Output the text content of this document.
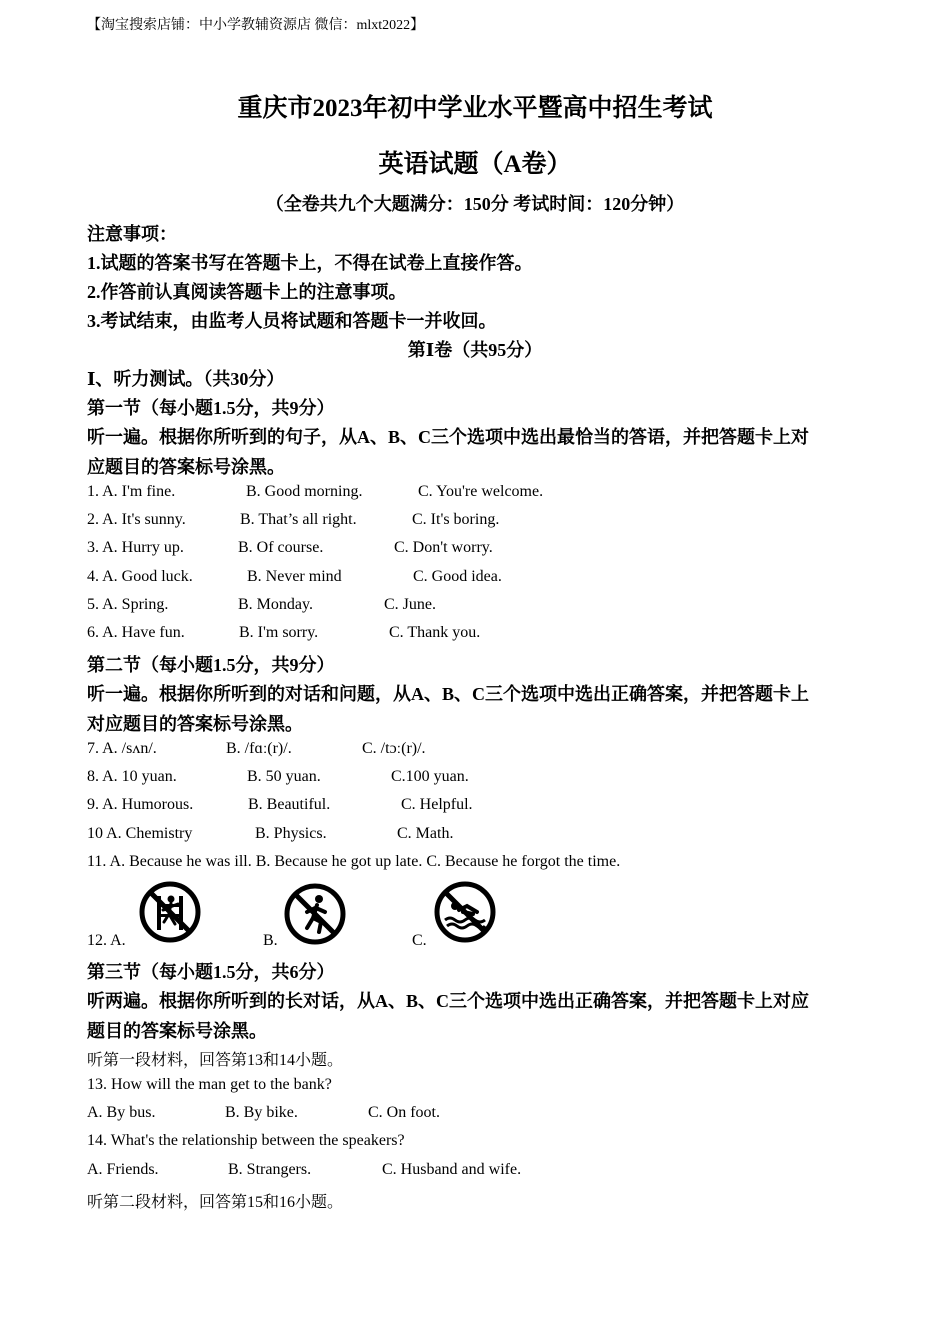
【淘宝搜索店铺：中小学教辅资源店 微信：mlxt2022】
重庆市2023年初中学业水平暨高中招生考试
英语试题（A卷）
（全卷共九个大题满分：150分 考试时间：120分钟）
注意事项：
1.试题的答案书写在答题卡上，不得在试卷上直接作答。
2.作答前认真阅读答题卡上的注意事项。
3.考试结束，由监考人员将试题和答题卡一并收回。
第Ⅰ卷（共95分）
Ⅰ、听力测试。（共30分）
第一节（每小题1.5分，共9分）
听一遍。根据你所听到的句子，从A、B、C三个选项中选出最恰当的答语，并把答题卡上对
应题目的答案标号涂黑。
1. A. I'm fine.	B. Good morning.	C. You're welcome.
2. A. It's sunny.	B. That’s all right.	C. It's boring.
3. A. Hurry up.	B. Of course.	C. Don't worry.
4. A. Good luck.	B. Never mind	C. Good idea.
5. A. Spring.	B. Monday.	C. June.
6. A. Have fun.	B. I'm sorry.	C. Thank you.
第二节（每小题1.5分，共9分）
听一遍。根据你所听到的对话和问题，从A、B、C三个选项中选出正确答案，并把答题卡上
对应题目的答案标号涂黑。
7. A. /sʌn/.	B. /fɑː(r)/.	C. /tɔː(r)/.
8. A. 10 yuan.	B. 50 yuan.	C.100 yuan.
9. A. Humorous.	B. Beautiful.	C. Helpful.
10 A. Chemistry	B. Physics.	C. Math.
11. A. Because he was ill. B. Because he got up late. C. Because he forgot the time.
12. A.	B.	C.
第三节（每小题1.5分，共6分）
听两遍。根据你所听到的长对话，从A、B、C三个选项中选出正确答案，并把答题卡上对应
题目的答案标号涂黑。
听第一段材料，回答第13和14小题。
13. How will the man get to the bank?
A. By bus.	B. By bike.	C. On foot.
14. What's the relationship between the speakers?
A. Friends.	B. Strangers.	C. Husband and wife.
听第二段材料，回答第15和16小题。
